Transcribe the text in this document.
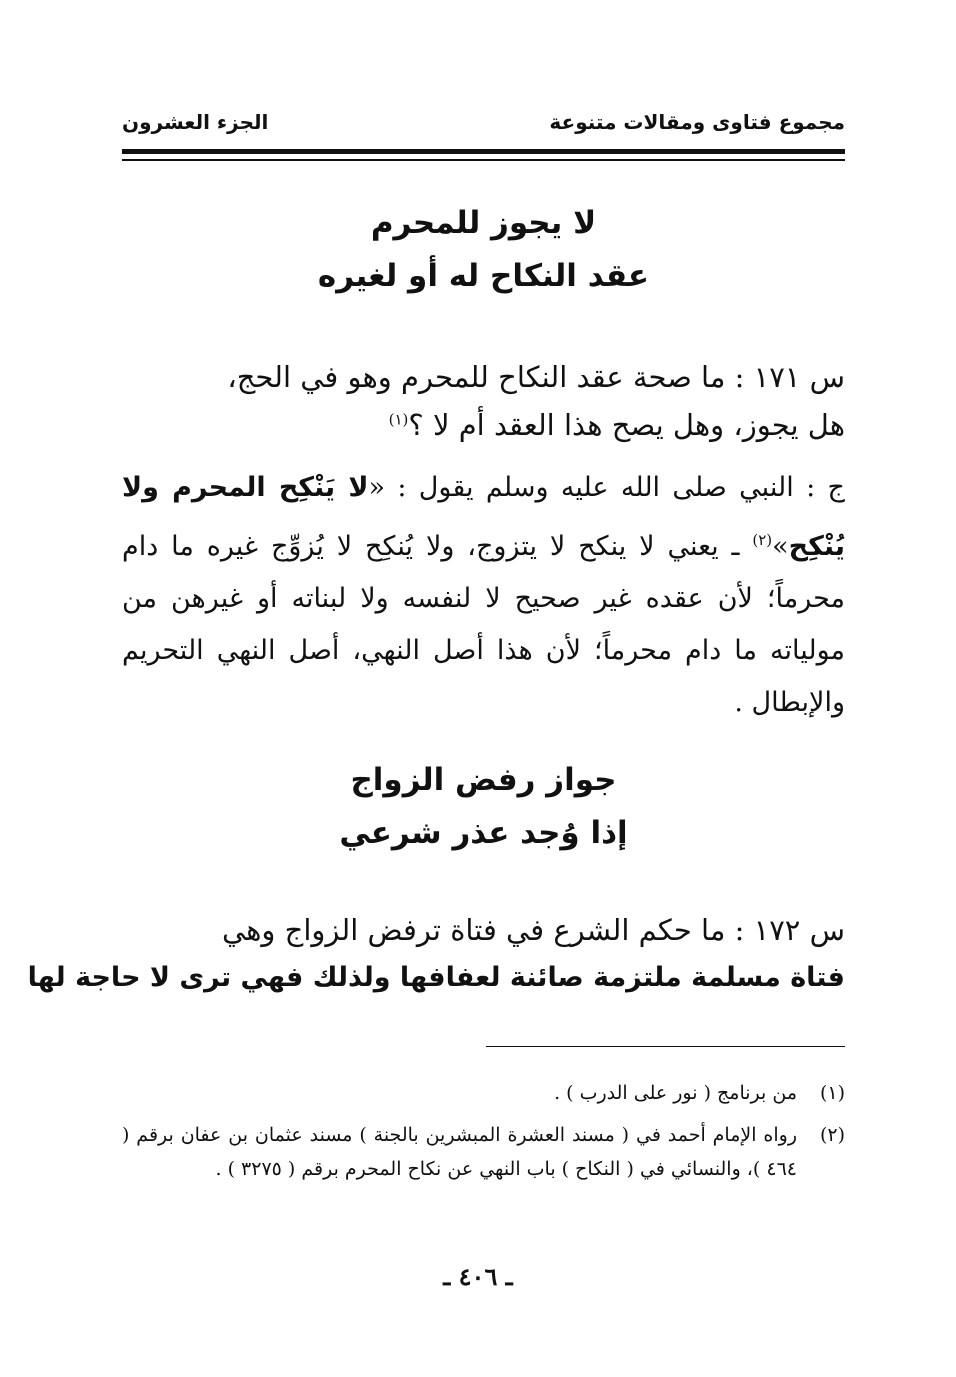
مجموع فتاوى ومقالات متنوعة
الجزء العشرون
لا يجوز للمحرم
عقد النكاح له أو لغيره
س ١٧١ : ما صحة عقد النكاح للمحرم وهو في الحج،
هل يجوز، وهل يصح هذا العقد أم لا ؟$^{(١)}$
ج : النبي صلى الله عليه وسلم يقول : «لا يَنْكِح المحرم ولا يُنْكِح»$^{(٢)}$ ـ يعني لا ينكح لا يتزوج، ولا يُنكِح لا يُزوِّج غيره ما دام محرماً؛ لأن عقده غير صحيح لا لنفسه ولا لبناته أو غيرهن من مولياته ما دام محرماً؛ لأن هذا أصل النهي، أصل النهي التحريم والإبطال .
جواز رفض الزواج
إذا وُجد عذر شرعي
س ١٧٢ : ما حكم الشرع في فتاة ترفض الزواج وهي
فتاة مسلمة ملتزمة صائنة لعفافها ولذلك فهي ترى لا حاجة لها
(١)
من برنامج ( نور على الدرب ) .
(٢)
رواه الإمام أحمد في ( مسند العشرة المبشرين بالجنة ) مسند عثمان بن عفان برقم ( ٤٦٤ )، والنسائي في ( النكاح ) باب النهي عن نكاح المحرم برقم ( ٣٢٧٥ ) .
ـ ٤٠٦ ـ
